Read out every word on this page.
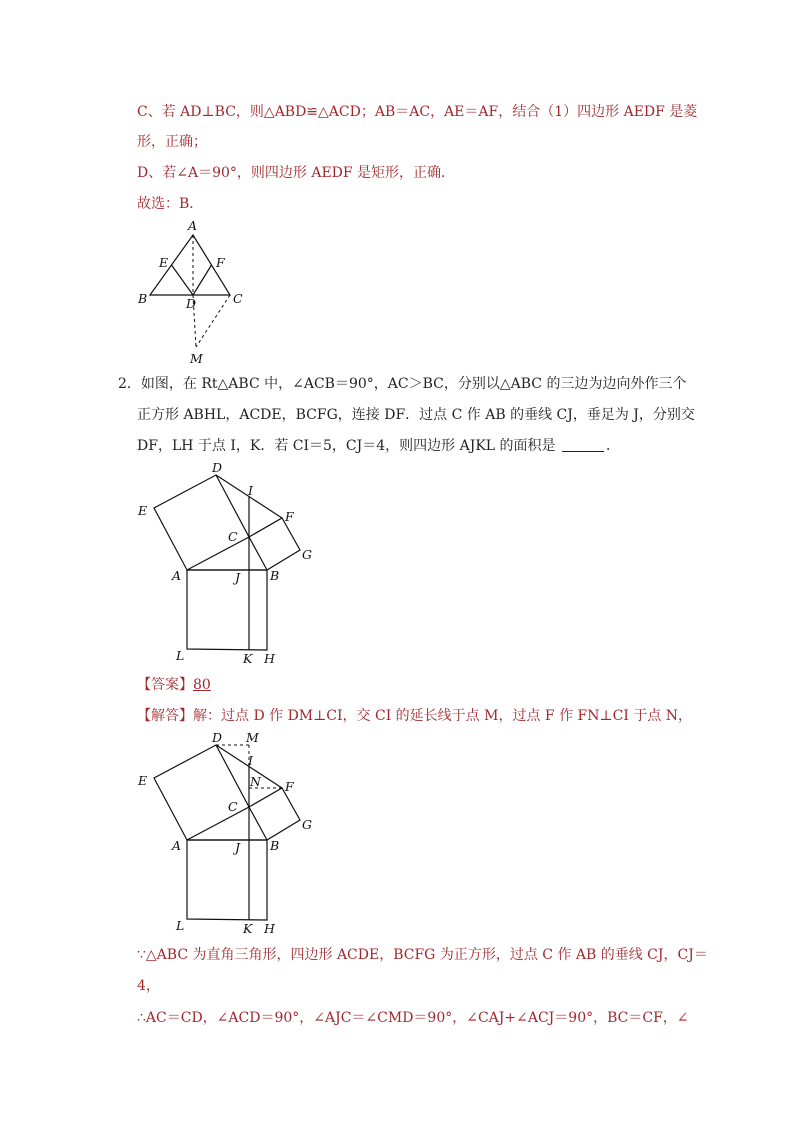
C、若 AD⊥BC，则△ABD≌△ACD；AB＝AC，AE＝AF，结合（1）四边形 AEDF 是菱
形，正确；
D、若∠A＝90°，则四边形 AEDF 是矩形，正确．
故选：B．
A
E	F
B	D	C
M
2．如图，在 Rt△ABC 中，∠ACB＝90°，AC＞BC，分别以△ABC 的三边为边向外作三个
正方形 ABHL，ACDE，BCFG，连接 DF．过点 C 作 AB 的垂线 CJ，垂足为 J，分别交
DF，LH 于点 I，K．若 CI＝5，CJ＝4，则四边形 AJKL 的面积是	．
D
I
E	F
C
G
A	J B
L	K H
【答案】80
【解答】解：过点 D 作 DM⊥CI，交 CI 的延长线于点 M，过点 F 作 FN⊥CI 于点 N，
D M
I
N
E	F
C
G
A	J B
L	K H
∵△ABC 为直角三角形，四边形 ACDE，BCFG 为正方形，过点 C 作 AB 的垂线 CJ，CJ＝
4，
∴AC＝CD，∠ACD＝90°，∠AJC＝∠CMD＝90°，∠CAJ+∠ACJ＝90°，BC＝CF，∠
